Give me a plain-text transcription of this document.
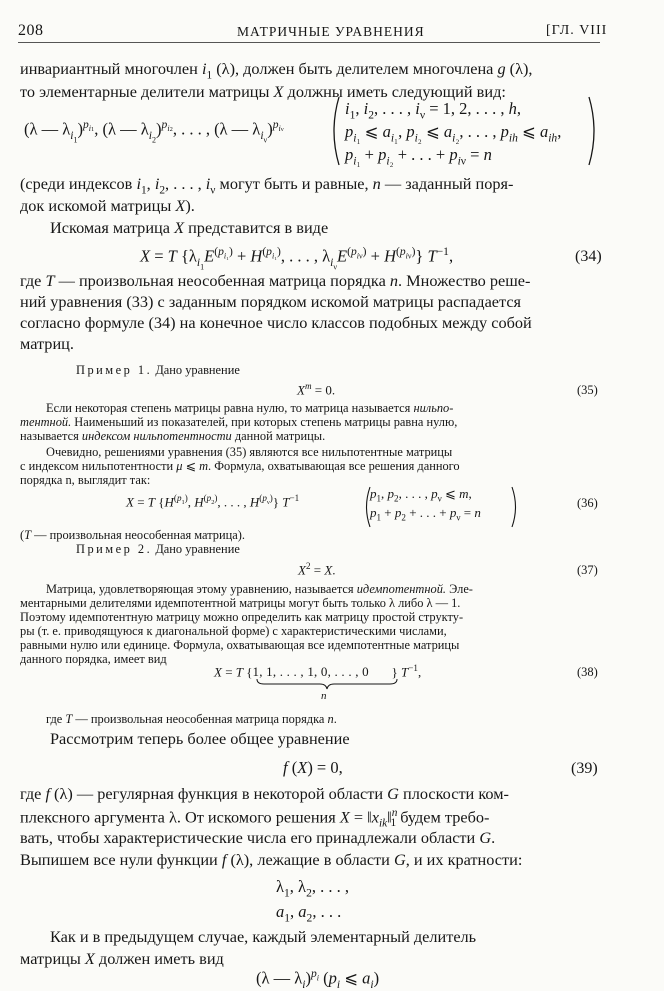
208	МАТРИЧНЫЕ УРАВНЕНИЯ	[ГЛ. VIII
инвариантный многочлен $i_1$ (λ), должен быть делителем многочлена g (λ),
то элементарные делители матрицы X должны иметь следующий вид:
(λ — $\lambda_{i_1})^{p_{i1}}$, (λ — $\lambda_{i_2})^{p_{i2}}$, . . . , (λ — $\lambda_{i_\nu})^{p_{i\nu}}$
$i_1$, $i_2$, . . . , $i_\nu = 1$, 2, . . . , h,
$p_{i_1}$ ⩽ $a_{i_1}$, $p_{i_2}$ ⩽ $a_{i_2}$, . . . , $p_{ih}$ ⩽ $a_{ih}$,
$p_{i_1} + p_{i_2}$ + . . . + $p_{i\nu} = n$
(среди индексов $i_1$, $i_2$, . . . , $i_\nu$ могут быть и равные, n — заданный поря-
док искомой матрицы X).
Искомая матрица X представится в виде
X = T {$\lambda_{i_1}E^{(p_{i_1})} + H^{(p_{i_1})}$, . . . , $\lambda_{i_\nu}E^{(p_{i\nu})} + H^{(p_{i\nu})}$} $T^{-1}$,	(34)
где T — произвольная неособенная матрица порядка n. Множество реше-
ний уравнения (33) с заданным порядком искомой матрицы распадается
согласно формуле (34) на конечное число классов подобных между собой
матриц.
Пример 1. Дано уравнение
$X^m = 0$.	(35)
Если некоторая степень матрицы равна нулю, то матрица называется нильпо-
тентной. Наименьший из показателей, при которых степень матрицы равна нулю,
называется индексом нильпотентности данной матрицы.
Очевидно, решениями уравнения (35) являются все нильпотентные матрицы
с индексом нильпотентности μ ⩽ m. Формула, охватывающая все решения данного
порядка n, выглядит так:
X = T {$H^{(p_1)}$, $H^{(p_2)}$, . . . , $H^{(p_\nu)}$} $T^{-1}$	$p_1$, $p_2$, . . . , $p_\nu$ ⩽ m,
$p_1 + p_2$ + . . . + $p_\nu = n$
(36)
(T — произвольная неособенная матрица).
Пример 2. Дано уравнение
$X^2 = X$.	(37)
Матрица, удовлетворяющая этому уравнению, называется идемпотентной. Эле-
ментарными делителями идемпотентной матрицы могут быть только λ либо λ — 1.
Поэтому идемпотентную матрицу можно определить как матрицу простой структу-
ры (т. е. приводящуюся к диагональной форме) с характеристическими числами,
равными нулю или единице. Формула, охватывающая все идемпотентные матрицы
данного порядка, имеет вид
X = T {1, 1, . . . , 1, 0, . . . , 0 } $T^{-1}$,
n
(38)
где T — произвольная неособенная матрица порядка n.
Рассмотрим теперь более общее уравнение
f (X) = 0,	(39)
где f (λ) — регулярная функция в некоторой области G плоскости ком-
плексного аргумента λ. От искомого решения $X = ‖x_{ik}‖^n_1$ будем требо-
вать, чтобы характеристические числа его принадлежали области G.
Выпишем все нули функции f (λ), лежащие в области G, и их кратности:
$\lambda_1$, $\lambda_2$, . . . ,
$a_1$, $a_2$, . . .
Как и в предыдущем случае, каждый элементарный делитель
матрицы X должен иметь вид
(λ — $\lambda_i)^{p_i}$ ($p_i$ ⩽ $a_i$)
